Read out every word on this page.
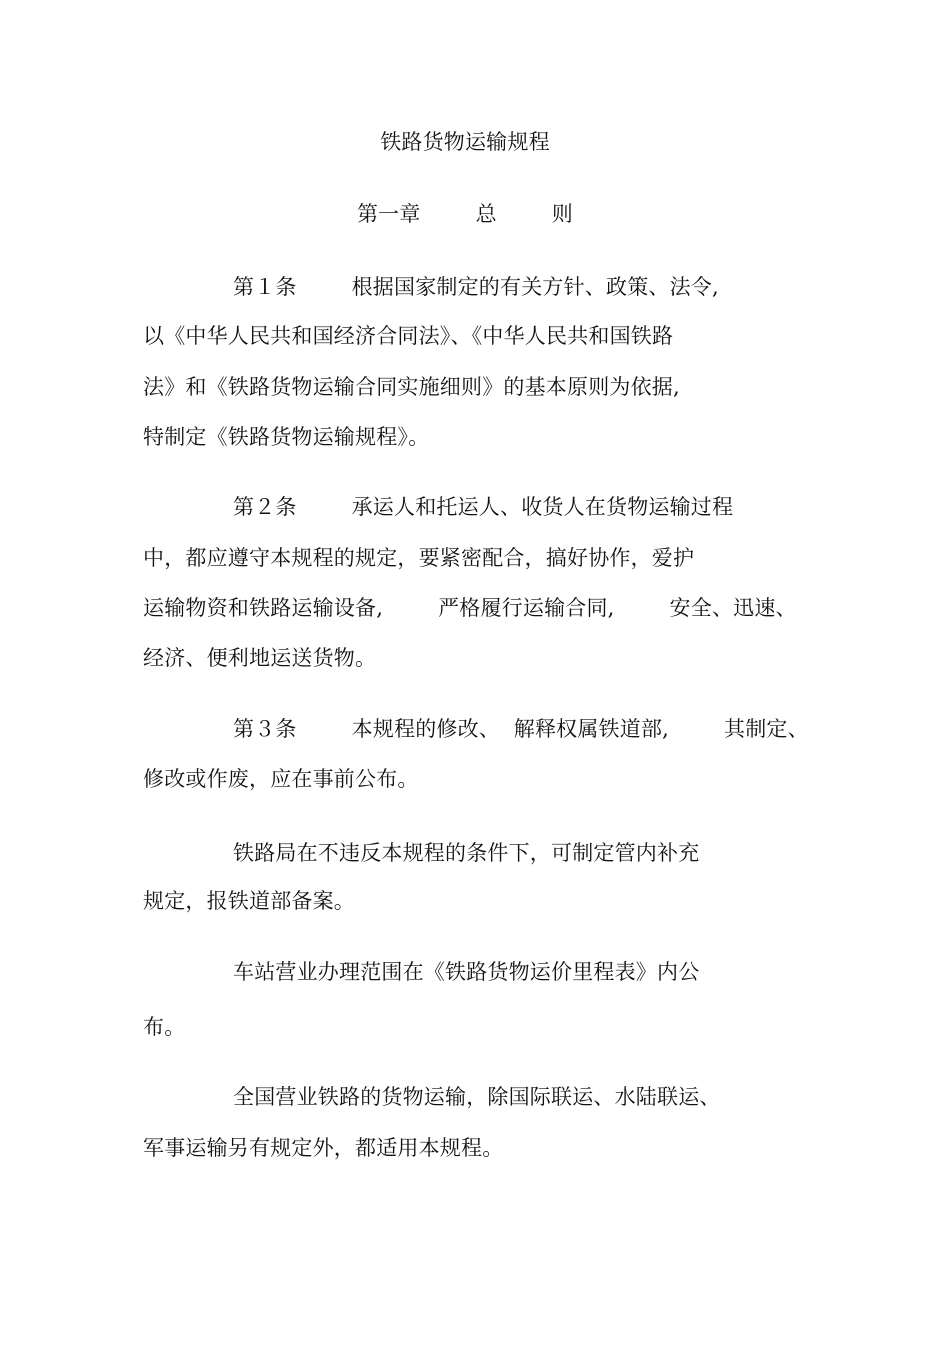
铁路货物运输规程
第一章        总        则
第１条        根据国家制定的有关方针、政策、法令,
以《中华人民共和国经济合同法》、《中华人民共和国铁路
法》和《铁路货物运输合同实施细则》的基本原则为依据,
特制定《铁路货物运输规程》。
第２条        承运人和托运人、收货人在货物运输过程
中，都应遵守本规程的规定，要紧密配合，搞好协作，爱护
运输物资和铁路运输设备,        严格履行运输合同,        安全、迅速、
经济、便利地运送货物。
第３条        本规程的修改、  解释权属铁道部,        其制定、
修改或作废，应在事前公布。
铁路局在不违反本规程的条件下，可制定管内补充
规定，报铁道部备案。
车站营业办理范围在《铁路货物运价里程表》内公
布。
全国营业铁路的货物运输，除国际联运、水陆联运、
军事运输另有规定外，都适用本规程。
